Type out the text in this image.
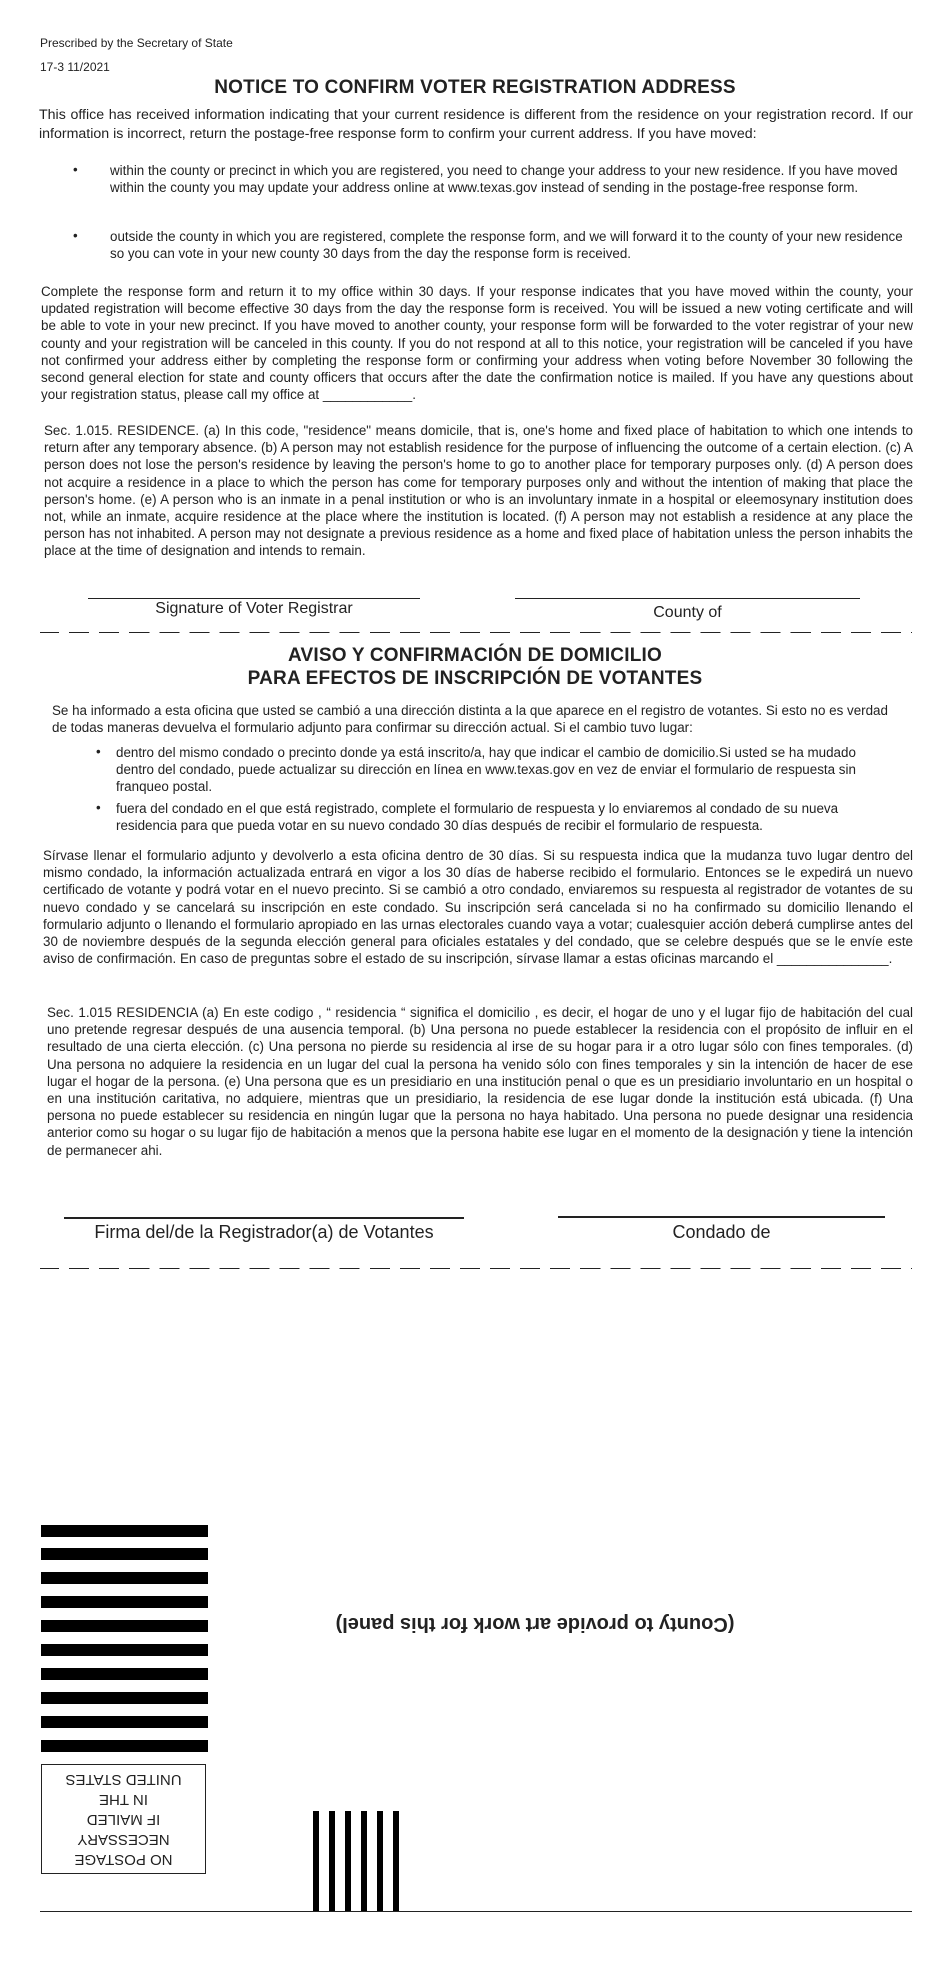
Prescribed by the Secretary of State
17-3 11/2021
NOTICE TO CONFIRM VOTER REGISTRATION ADDRESS
This office has received information indicating that your current residence is different from the residence on your registration record. If our information is incorrect, return the postage-free response form to confirm your current address. If you have moved:
• within the county or precinct in which you are registered, you need to change your address to your new residence. If you have moved within the county you may update your address online at www.texas.gov instead of sending in the postage-free response form.
• outside the county in which you are registered, complete the response form, and we will forward it to the county of your new residence so you can vote in your new county 30 days from the day the response form is received.
Complete the response form and return it to my office within 30 days. If your response indicates that you have moved within the county, your updated registration will become effective 30 days from the day the response form is received. You will be issued a new voting certificate and will be able to vote in your new precinct. If you have moved to another county, your response form will be forwarded to the voter registrar of your new county and your registration will be canceled in this county. If you do not respond at all to this notice, your registration will be canceled if you have not confirmed your address either by completing the response form or confirming your address when voting before November 30 following the second general election for state and county officers that occurs after the date the confirmation notice is mailed. If you have any questions about your registration status, please call my office at ____________.
Sec. 1.015. RESIDENCE. (a) In this code, "residence" means domicile, that is, one's home and fixed place of habitation to which one intends to return after any temporary absence. (b) A person may not establish residence for the purpose of influencing the outcome of a certain election. (c) A person does not lose the person's residence by leaving the person's home to go to another place for temporary purposes only. (d) A person does not acquire a residence in a place to which the person has come for temporary purposes only and without the intention of making that place the person's home. (e) A person who is an inmate in a penal institution or who is an involuntary inmate in a hospital or eleemosynary institution does not, while an inmate, acquire residence at the place where the institution is located. (f) A person may not establish a residence at any place the person has not inhabited. A person may not designate a previous residence as a home and fixed place of habitation unless the person inhabits the place at the time of designation and intends to remain.
Signature of Voter Registrar	County of
AVISO Y CONFIRMACIÓN DE DOMICILIO
PARA EFECTOS DE INSCRIPCIÓN DE VOTANTES
Se ha informado a esta oficina que usted se cambió a una dirección distinta a la que aparece en el registro de votantes. Si esto no es verdad de todas maneras devuelva el formulario adjunto para confirmar su dirección actual. Si el cambio tuvo lugar:
• dentro del mismo condado o precinto donde ya está inscrito/a, hay que indicar el cambio de domicilio.Si usted se ha mudado dentro del condado, puede actualizar su dirección en línea en www.texas.gov en vez de enviar el formulario de respuesta sin franqueo postal.
• fuera del condado en el que está registrado, complete el formulario de respuesta y lo enviaremos al condado de su nueva residencia para que pueda votar en su nuevo condado 30 días después de recibir el formulario de respuesta.
Sírvase llenar el formulario adjunto y devolverlo a esta oficina dentro de 30 días. Si su respuesta indica que la mudanza tuvo lugar dentro del mismo condado, la información actualizada entrará en vigor a los 30 días de haberse recibido el formulario. Entonces se le expedirá un nuevo certificado de votante y podrá votar en el nuevo precinto. Si se cambió a otro condado, enviaremos su respuesta al registrador de votantes de su nuevo condado y se cancelará su inscripción en este condado. Su inscripción será cancelada si no ha confirmado su domicilio llenando el formulario adjunto o llenando el formulario apropiado en las urnas electorales cuando vaya a votar; cualesquier acción deberá cumplirse antes del 30 de noviembre después de la segunda elección general para oficiales estatales y del condado, que se celebre después que se le envíe este aviso de confirmación. En caso de preguntas sobre el estado de su inscripción, sírvase llamar a estas oficinas marcando el _______________.
Sec. 1.015 RESIDENCIA (a) En este codigo , “ residencia “ significa el domicilio , es decir, el hogar de uno y el lugar fijo de habitación del cual uno pretende regresar después de una ausencia temporal. (b) Una persona no puede establecer la residencia con el propósito de influir en el resultado de una cierta elección. (c) Una persona no pierde su residencia al irse de su hogar para ir a otro lugar sólo con fines temporales. (d) Una persona no adquiere la residencia en un lugar del cual la persona ha venido sólo con fines temporales y sin la intención de hacer de ese lugar el hogar de la persona. (e) Una persona que es un presidiario en una institución penal o que es un presidiario involuntario en un hospital o en una institución caritativa, no adquiere, mientras que un presidiario, la residencia de ese lugar donde la institución está ubicada. (f) Una persona no puede establecer su residencia en ningún lugar que la persona no haya habitado. Una persona no puede designar una residencia anterior como su hogar o su lugar fijo de habitación a menos que la persona habite ese lugar en el momento de la designación y tiene la intención de permanecer ahi.
Firma del/de la Registrador(a) de Votantes	Condado de
(County to provide art work for this panel)
NO POSTAGE
NECESSARY
IF MAILED
IN THE
UNITED STATES
